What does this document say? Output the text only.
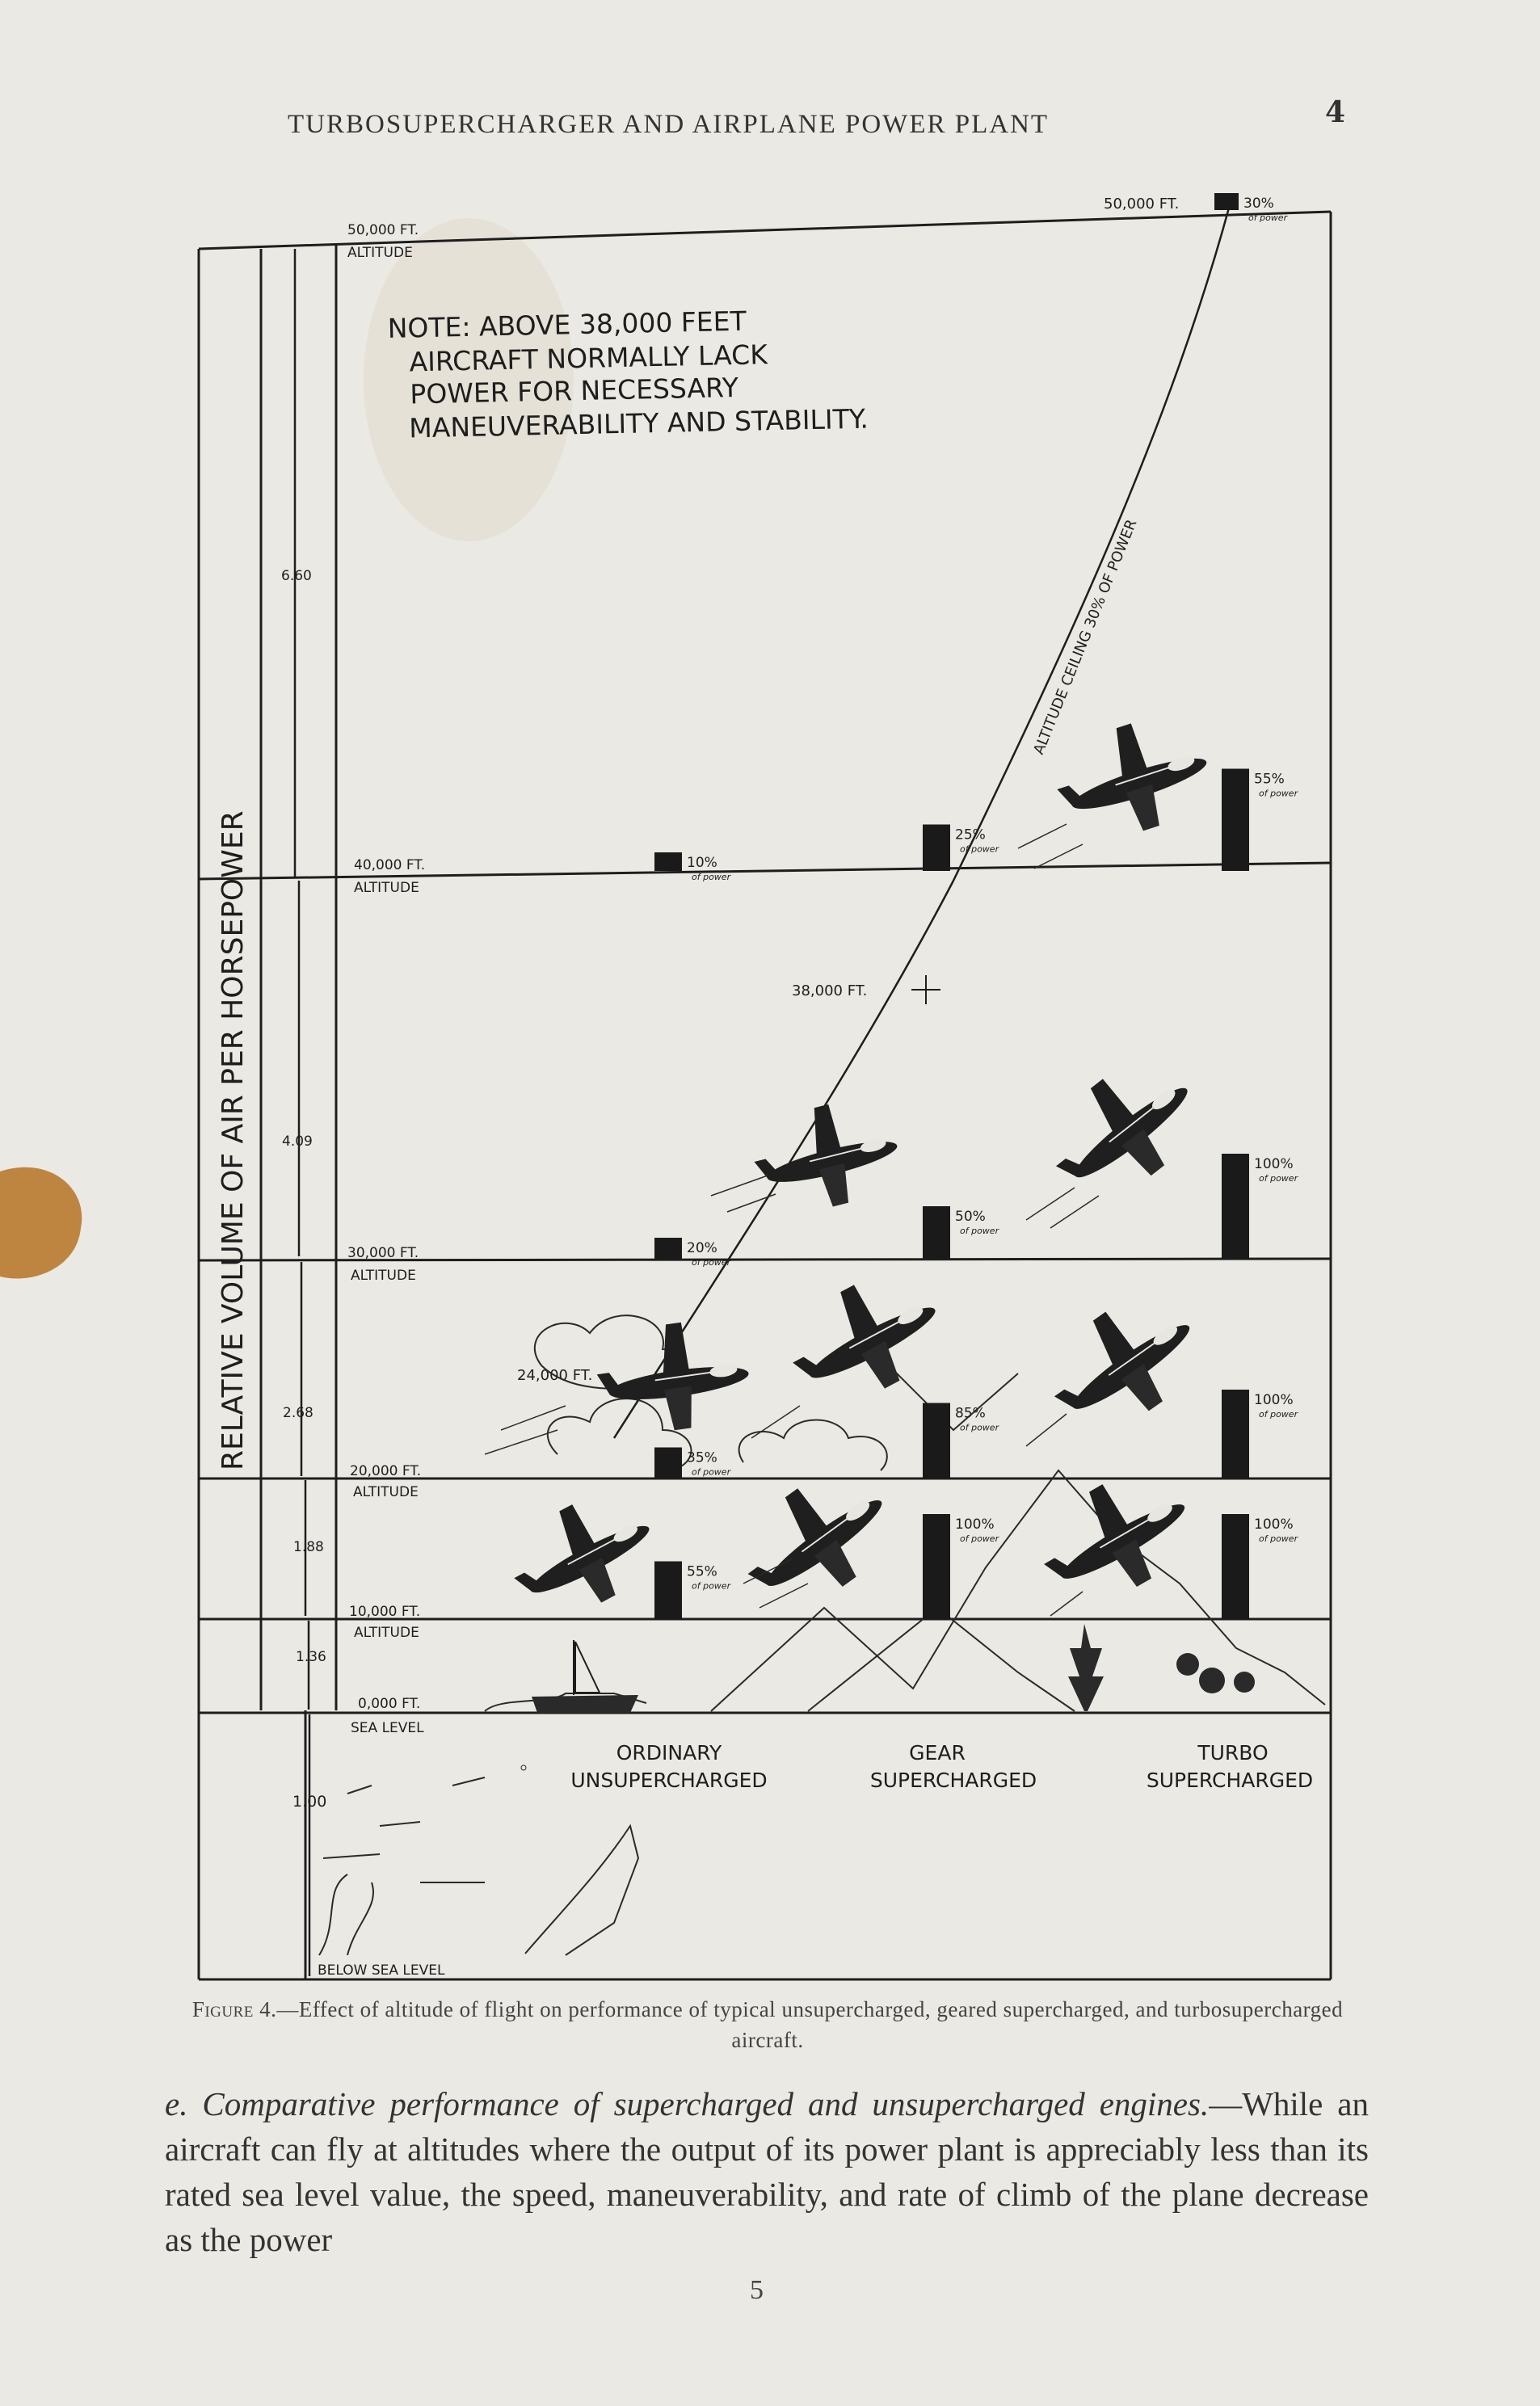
TURBOSUPERCHARGER AND AIRPLANE POWER PLANT	4
RELATIVE VOLUME OF AIR PER HORSEPOWER
6.60
4.09
2.68
1.88
1.36
1.00
50,000 FT.
ALTITUDE
40,000 FT.
ALTITUDE
30,000 FT.
ALTITUDE
20,000 FT.
ALTITUDE
10,000 FT.
ALTITUDE
0,000 FT.
SEA LEVEL
BELOW SEA LEVEL
NOTE: ABOVE 38,000 FEET
AIRCRAFT NORMALLY LACK
POWER FOR NECESSARY
MANEUVERABILITY AND STABILITY.
ALTITUDE CEILING 30% OF POWER
38,000 FT.
24,000 FT.
50,000 FT.
10%
of power
20%
of power
35%
of power
55%
of power
25%
of power
50%
of power
85%
of power
100%
of power
55%
of power
100%
of power
100%
of power
100%
of power
30%
of power
ORDINARY
UNSUPERCHARGED
GEAR
SUPERCHARGED
TURBO
SUPERCHARGED
Figure 4.—Effect of altitude of flight on performance of typical unsupercharged, geared supercharged, and turbosupercharged aircraft.
e. Comparative performance of supercharged and unsupercharged engines.—While an aircraft can fly at altitudes where the output of its power plant is appreciably less than its rated sea level value, the speed, maneuverability, and rate of climb of the plane decrease as the power
5
